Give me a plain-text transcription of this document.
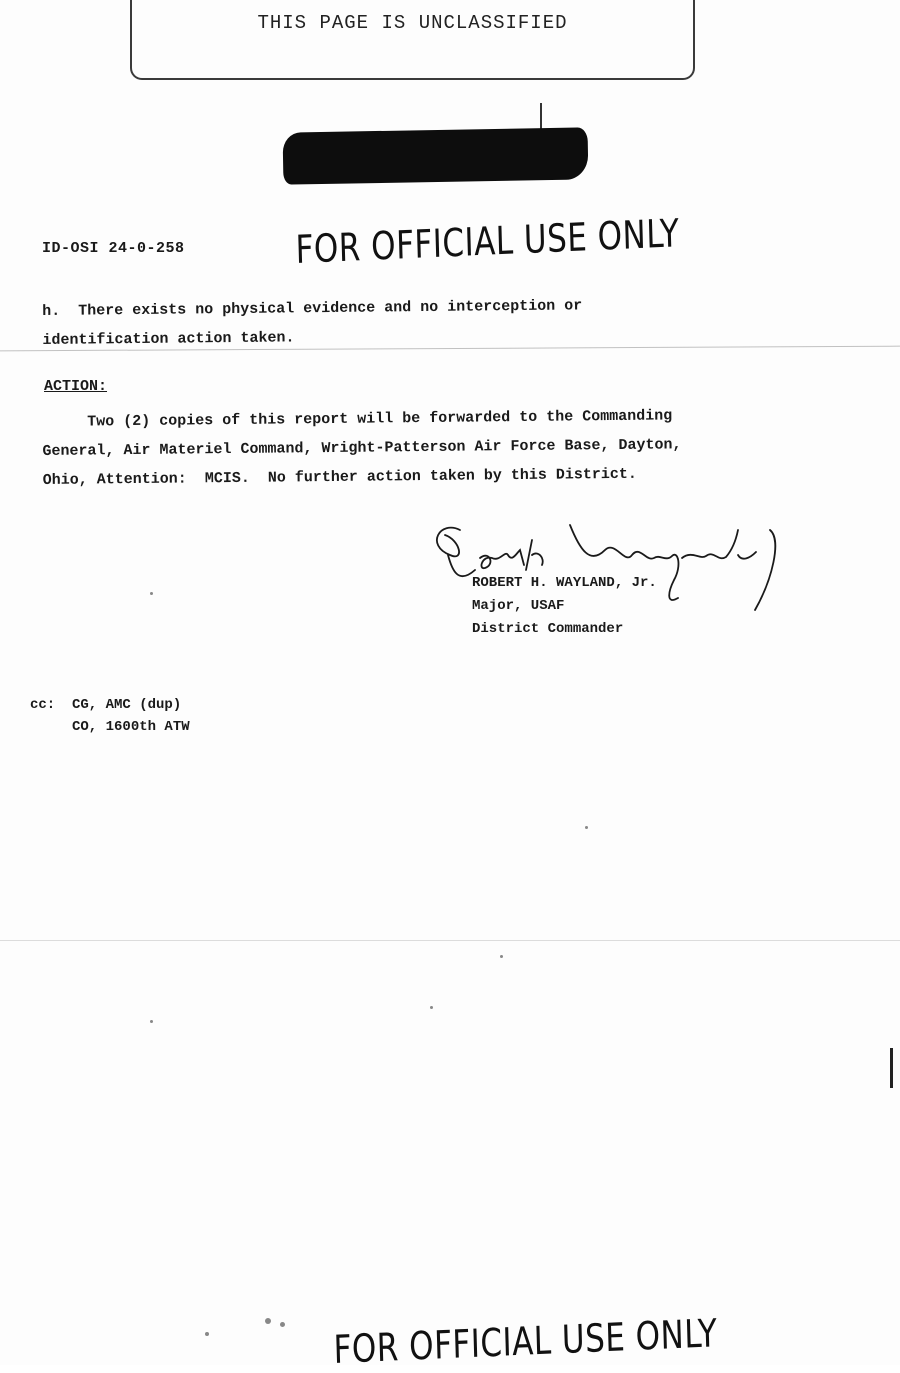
THIS PAGE IS UNCLASSIFIED
ID-OSI 24-0-258	FOR OFFICIAL USE ONLY
h.  There exists no physical evidence and no interception or
identification action taken.
ACTION:
Two (2) copies of this report will be forwarded to the Commanding
General, Air Materiel Command, Wright-Patterson Air Force Base, Dayton,
Ohio, Attention:  MCIS.  No further action taken by this District.
ROBERT H. WAYLAND, Jr.
Major, USAF
District Commander
cc:  CG, AMC (dup)
CO, 1600th ATW
FOR OFFICIAL USE ONLY
